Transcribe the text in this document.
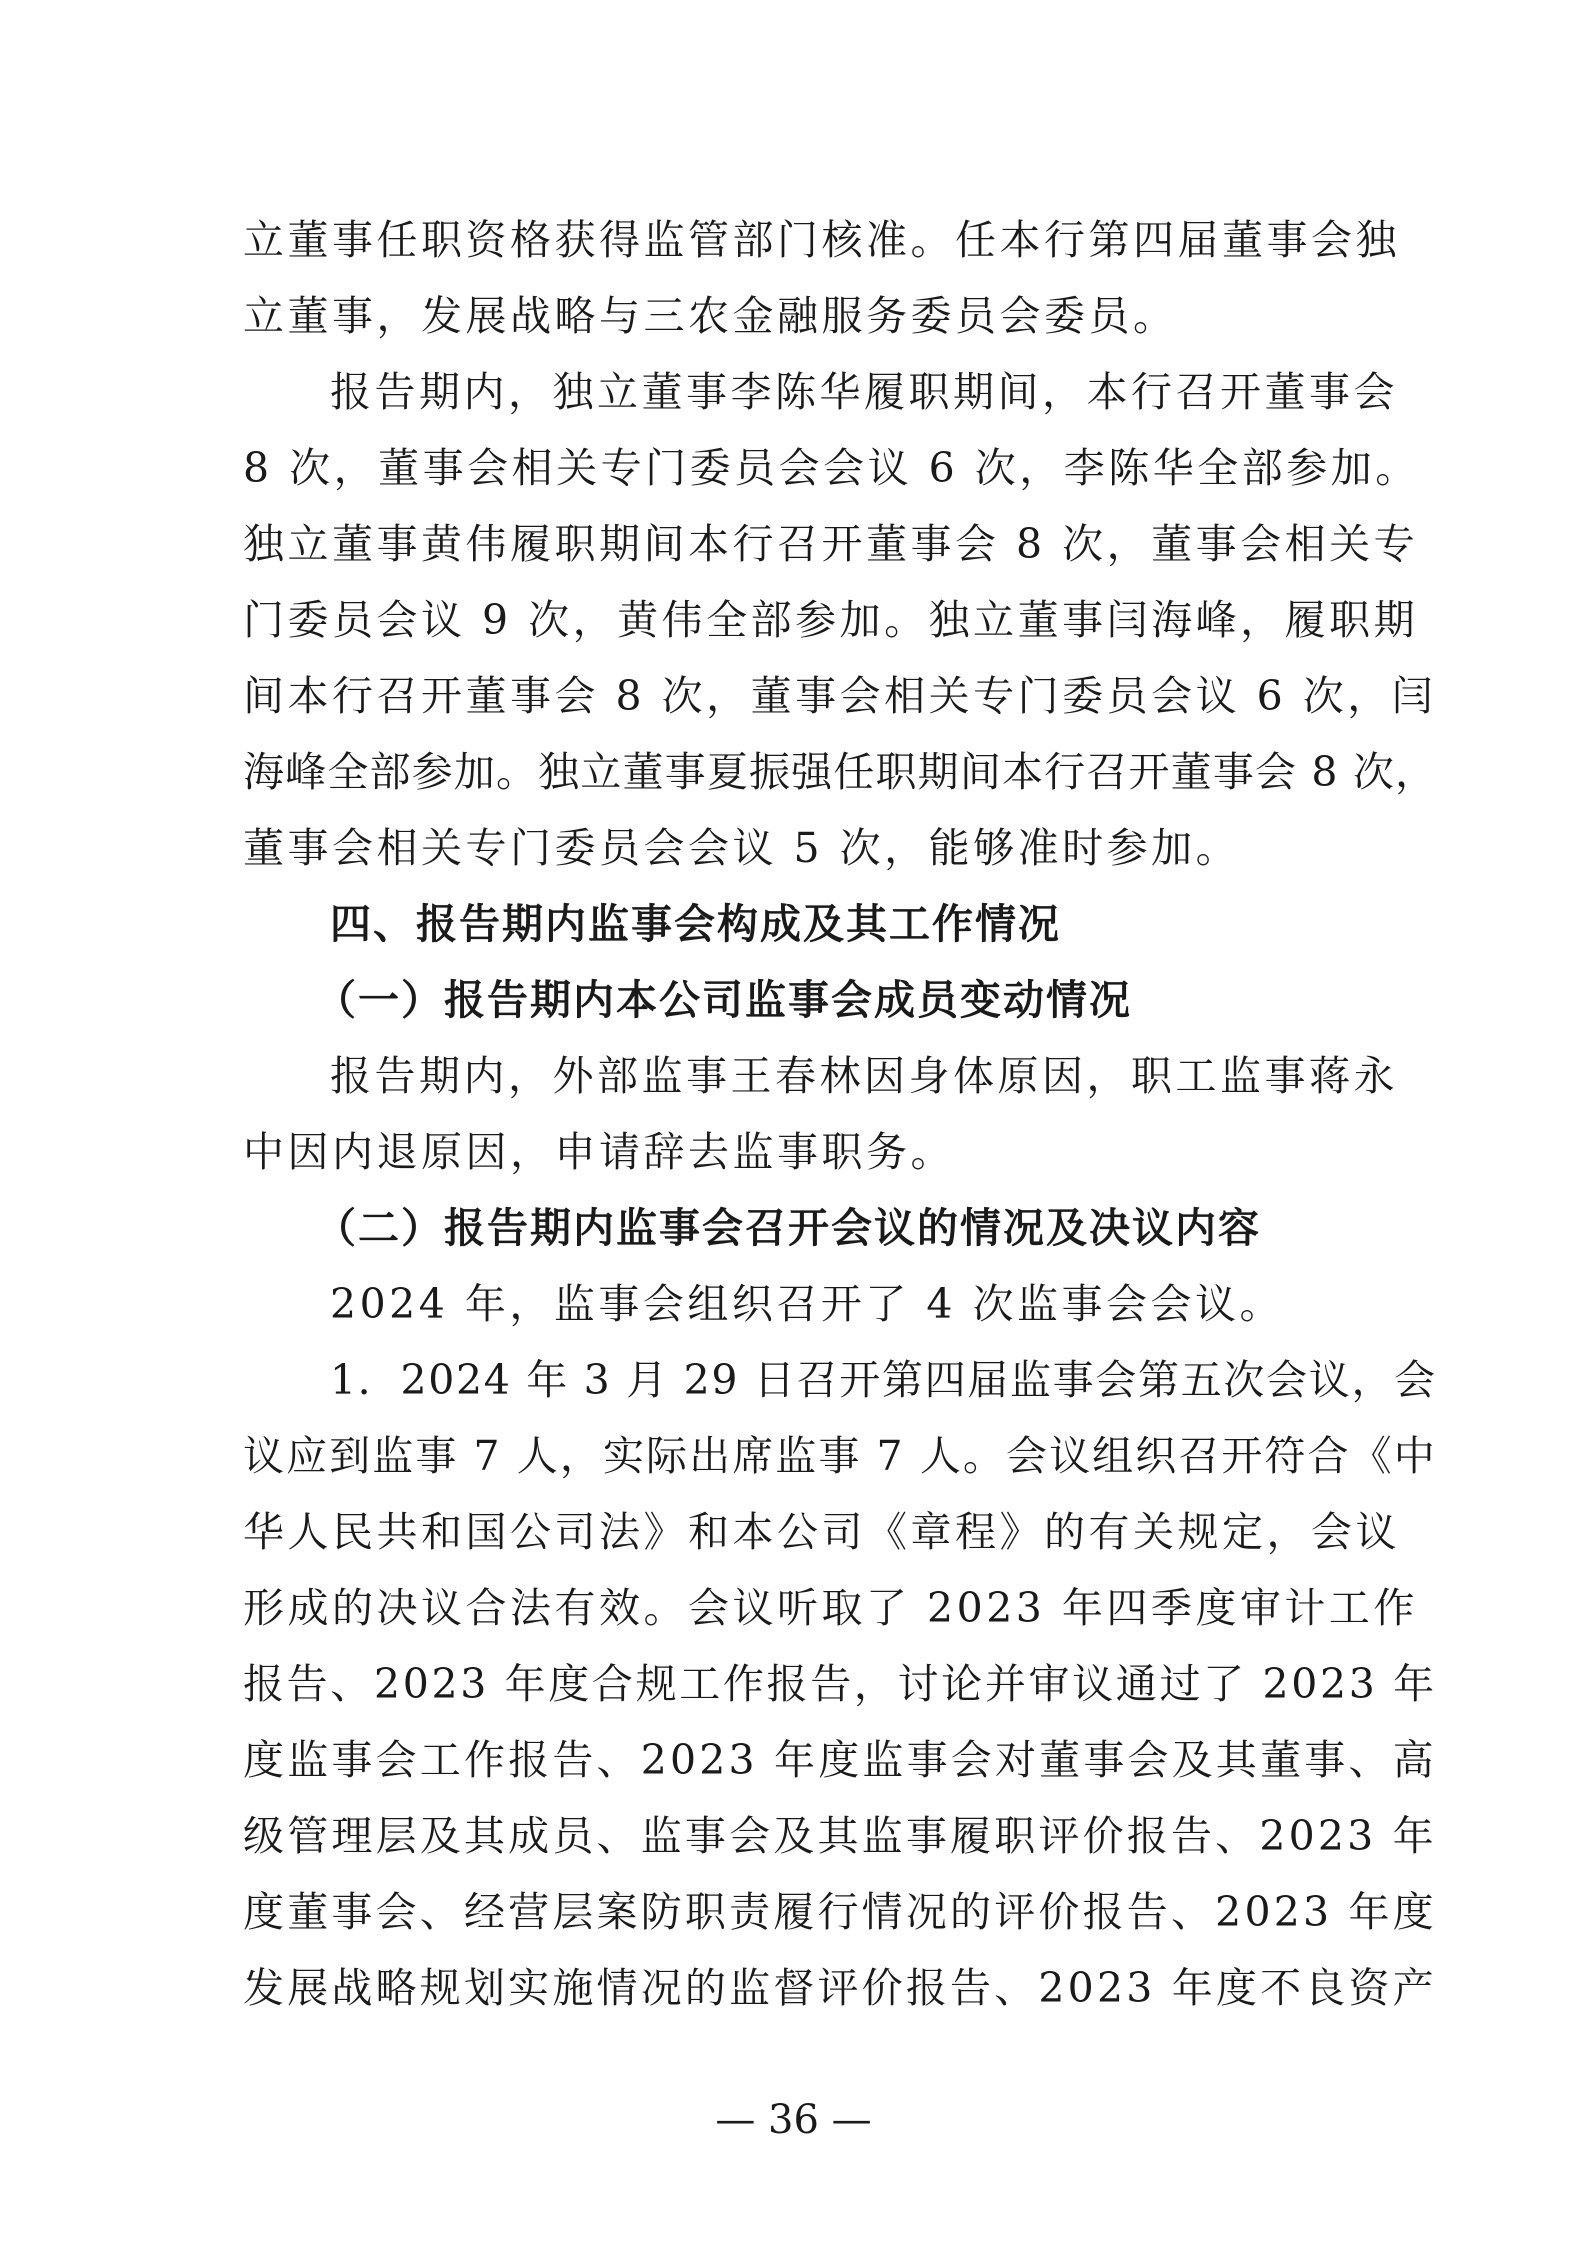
立董事任职资格获得监管部门核准。任本行第四届董事会独
立董事，发展战略与三农金融服务委员会委员。
报告期内，独立董事李陈华履职期间，本行召开董事会
8 次，董事会相关专门委员会会议 6 次，李陈华全部参加。
独立董事黄伟履职期间本行召开董事会 8 次，董事会相关专
门委员会议 9 次，黄伟全部参加。独立董事闫海峰，履职期
间本行召开董事会 8 次，董事会相关专门委员会议 6 次，闫
海峰全部参加。独立董事夏振强任职期间本行召开董事会 8 次，
董事会相关专门委员会会议 5 次，能够准时参加。
四、报告期内监事会构成及其工作情况
（一）报告期内本公司监事会成员变动情况
报告期内，外部监事王春林因身体原因，职工监事蒋永
中因内退原因，申请辞去监事职务。
（二）报告期内监事会召开会议的情况及决议内容
2024 年，监事会组织召开了 4 次监事会会议。
1．2024 年 3 月 29 日召开第四届监事会第五次会议，会
议应到监事 7 人，实际出席监事 7 人。会议组织召开符合《中
华人民共和国公司法》和本公司《章程》的有关规定，会议
形成的决议合法有效。会议听取了 2023 年四季度审计工作
报告、2023 年度合规工作报告，讨论并审议通过了 2023 年
度监事会工作报告、2023 年度监事会对董事会及其董事、高
级管理层及其成员、监事会及其监事履职评价报告、2023 年
度董事会、经营层案防职责履行情况的评价报告、2023 年度
发展战略规划实施情况的监督评价报告、2023 年度不良资产
— 36 —
